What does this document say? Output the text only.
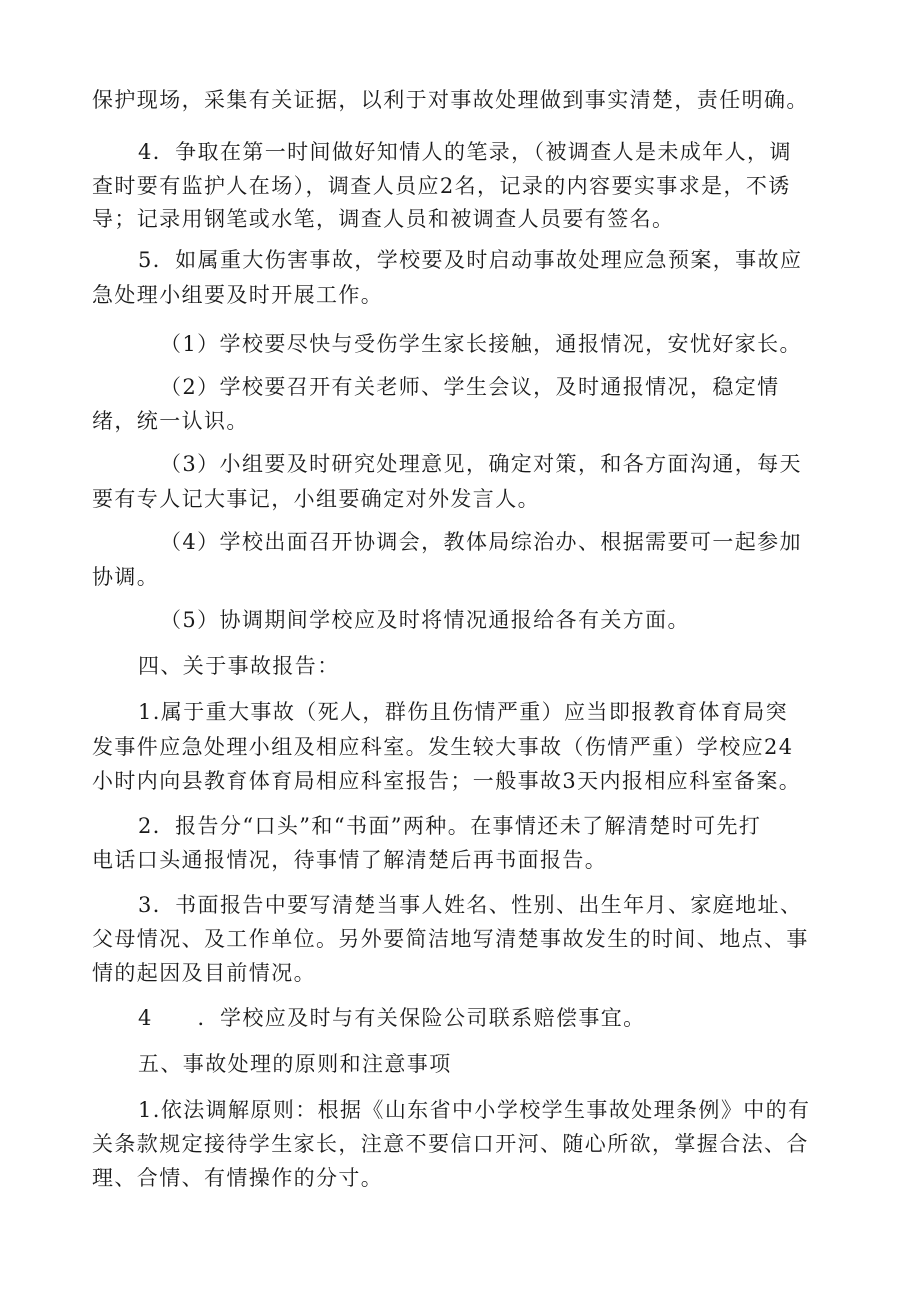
保护现场，采集有关证据，以利于对事故处理做到事实清楚，责任明确。
4．争取在第一时间做好知情人的笔录，（被调查人是未成年人，调
查时要有监护人在场），调查人员应2名，记录的内容要实事求是，不诱
导；记录用钢笔或水笔，调查人员和被调查人员要有签名。
5．如属重大伤害事故，学校要及时启动事故处理应急预案，事故应
急处理小组要及时开展工作。
（1）学校要尽快与受伤学生家长接触，通报情况，安忧好家长。
（2）学校要召开有关老师、学生会议，及时通报情况，稳定情
绪，统一认识。
（3）小组要及时研究处理意见，确定对策，和各方面沟通，每天
要有专人记大事记，小组要确定对外发言人。
（4）学校出面召开协调会，教体局综治办、根据需要可一起参加
协调。
（5）协调期间学校应及时将情况通报给各有关方面。
四、关于事故报告：
1.属于重大事故（死人，群伤且伤情严重）应当即报教育体育局突
发事件应急处理小组及相应科室。发生较大事故（伤情严重）学校应24
小时内向县教育体育局相应科室报告；一般事故3天内报相应科室备案。
2．报告分“口头”和“书面”两种。在事情还未了解清楚时可先打
电话口头通报情况，待事情了解清楚后再书面报告。
3．书面报告中要写清楚当事人姓名、性别、出生年月、家庭地址、
父母情况、及工作单位。另外要简洁地写清楚事故发生的时间、地点、事
情的起因及目前情况。
4　　．学校应及时与有关保险公司联系赔偿事宜。
五、事故处理的原则和注意事项
1.依法调解原则：根据《山东省中小学校学生事故处理条例》中的有
关条款规定接待学生家长，注意不要信口开河、随心所欲，掌握合法、合
理、合情、有情操作的分寸。
